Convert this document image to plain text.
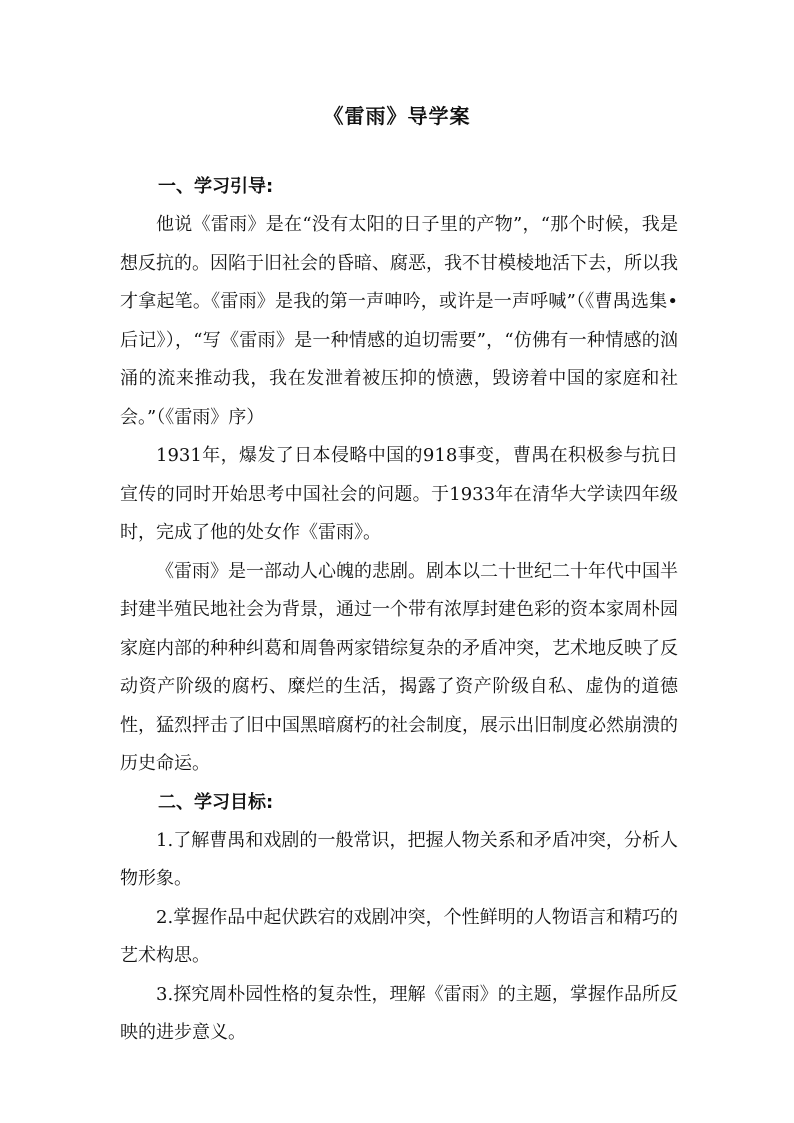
《雷雨》导学案

一、学习引导:

他说《雷雨》是在“没有太阳的日子里的产物”，“那个时候，我是想反抗的。因陷于旧社会的昏暗、腐恶，我不甘模棱地活下去，所以我才拿起笔。《雷雨》是我的第一声呻吟，或许是一声呼喊”（《曹禺选集•后记》），“写《雷雨》是一种情感的迫切需要”，“仿佛有一种情感的汹涌的流来推动我，我在发泄着被压抑的愤懑，毁谤着中国的家庭和社会。”（《雷雨》序）

1931年，爆发了日本侵略中国的918事变，曹禺在积极参与抗日宣传的同时开始思考中国社会的问题。于1933年在清华大学读四年级时，完成了他的处女作《雷雨》。

《雷雨》是一部动人心魄的悲剧。剧本以二十世纪二十年代中国半封建半殖民地社会为背景，通过一个带有浓厚封建色彩的资本家周朴园家庭内部的种种纠葛和周鲁两家错综复杂的矛盾冲突，艺术地反映了反动资产阶级的腐朽、糜烂的生活，揭露了资产阶级自私、虚伪的道德性，猛烈抨击了旧中国黑暗腐朽的社会制度，展示出旧制度必然崩溃的历史命运。

二、学习目标:

1.了解曹禺和戏剧的一般常识，把握人物关系和矛盾冲突，分析人物形象。

2.掌握作品中起伏跌宕的戏剧冲突，个性鲜明的人物语言和精巧的艺术构思。

3.探究周朴园性格的复杂性，理解《雷雨》的主题，掌握作品所反映的进步意义。
